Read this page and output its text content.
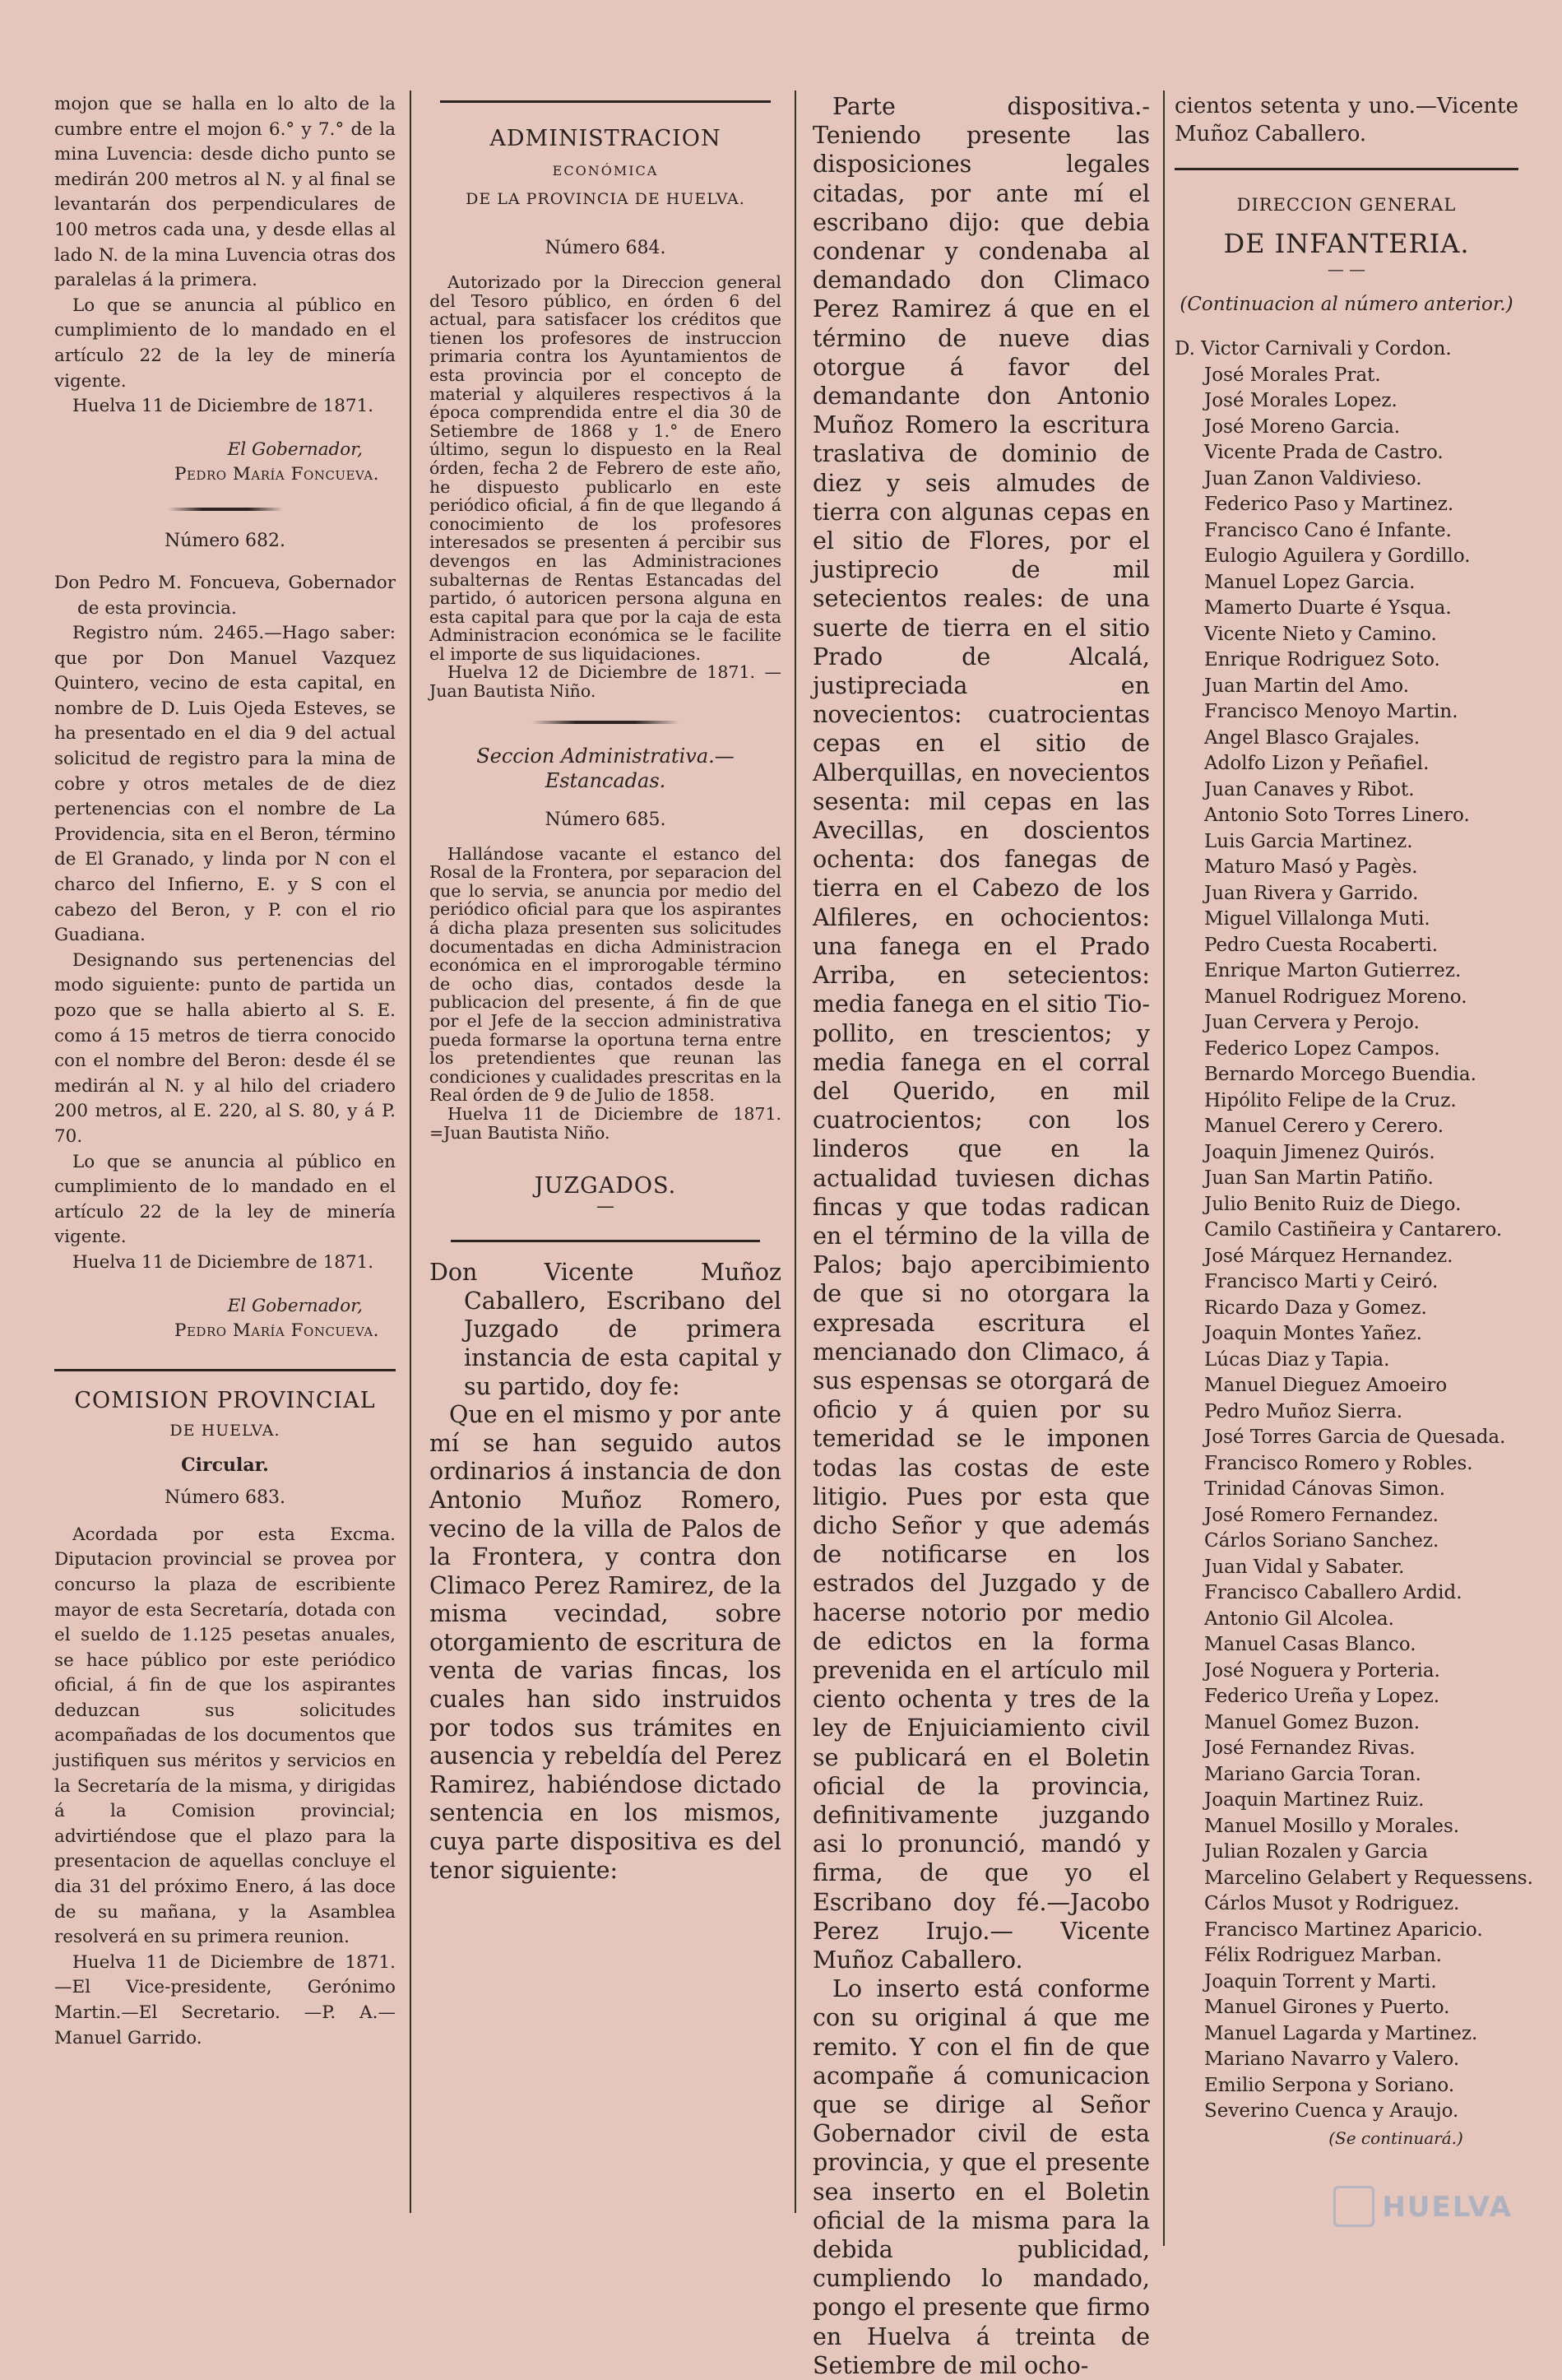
mojon que se halla en lo alto de la cumbre entre el mojon 6.° y 7.° de la mina Luvencia: desde dicho punto se medirán 200 metros al N. y al final se levantarán dos perpendiculares de 100 metros cada una, y desde ellas al lado N. de la mina Luvencia otras dos paralelas á la primera.

Lo que se anuncia al público en cumplimiento de lo mandado en el artículo 22 de la ley de minería vigente.

Huelva 11 de Diciembre de 1871.

El Gobernador,

Pedro María Foncueva.

Número 682.

Don Pedro M. Foncueva, Gobernador de esta provincia.

Registro núm. 2465.—Hago saber: que por Don Manuel Vazquez Quintero, vecino de esta capital, en nombre de D. Luis Ojeda Esteves, se ha presentado en el dia 9 del actual solicitud de registro para la mina de cobre y otros metales de de diez pertenencias con el nombre de La Providencia, sita en el Beron, término de El Granado, y linda por N con el charco del Infierno, E. y S con el cabezo del Beron, y P. con el rio Guadiana.

Designando sus pertenencias del modo siguiente: punto de partida un pozo que se halla abierto al S. E. como á 15 metros de tierra conocido con el nombre del Beron: desde él se medirán al N. y al hilo del criadero 200 metros, al E. 220, al S. 80, y á P. 70.

Lo que se anuncia al público en cumplimiento de lo mandado en el artículo 22 de la ley de minería vigente.

Huelva 11 de Diciembre de 1871.

El Gobernador,

Pedro María Foncueva.

COMISION PROVINCIAL

DE HUELVA.

Circular.

Número 683.

Acordada por esta Excma. Diputacion provincial se provea por concurso la plaza de escribiente mayor de esta Secretaría, dotada con el sueldo de 1.125 pesetas anuales, se hace público por este periódico oficial, á fin de que los aspirantes deduzcan sus solicitudes acompañadas de los documentos que justifiquen sus méritos y servicios en la Secretaría de la misma, y dirigidas á la Comision provincial; advirtiéndose que el plazo para la presentacion de aquellas concluye el dia 31 del próximo Enero, á las doce de su mañana, y la Asamblea resolverá en su primera reunion.

Huelva 11 de Diciembre de 1871. —El Vice-presidente, Gerónimo Martin.—El Secretario. —P. A.— Manuel Garrido.

ADMINISTRACION

ECONÓMICA

DE LA PROVINCIA DE HUELVA.

Número 684.

Autorizado por la Direccion general del Tesoro público, en órden 6 del actual, para satisfacer los créditos que tienen los profesores de instruccion primaria contra los Ayuntamientos de esta provincia por el concepto de material y alquileres respectivos á la época comprendida entre el dia 30 de Setiembre de 1868 y 1.° de Enero último, segun lo dispuesto en la Real órden, fecha 2 de Febrero de este año, he dispuesto publicarlo en este periódico oficial, á fin de que llegando á conocimiento de los profesores interesados se presenten á percibir sus devengos en las Administraciones subalternas de Rentas Estancadas del partido, ó autoricen persona alguna en esta capital para que por la caja de esta Administracion económica se le facilite el importe de sus liquidaciones.

Huelva 12 de Diciembre de 1871. —Juan Bautista Niño.

Seccion Administrativa.—Estancadas.

Número 685.

Hallándose vacante el estanco del Rosal de la Frontera, por separacion del que lo servia, se anuncia por medio del periódico oficial para que los aspirantes á dicha plaza presenten sus solicitudes documentadas en dicha Administracion económica en el improrogable término de ocho dias, contados desde la publicacion del presente, á fin de que por el Jefe de la seccion administrativa pueda formarse la oportuna terna entre los pretendientes que reunan las condiciones y cualidades prescritas en la Real órden de 9 de Julio de 1858.

Huelva 11 de Diciembre de 1871. =Juan Bautista Niño.

JUZGADOS.

—

Don Vicente Muñoz Caballero, Escribano del Juzgado de primera instancia de esta capital y su partido, doy fe:

Que en el mismo y por ante mí se han seguido autos ordinarios á instancia de don Antonio Muñoz Romero, vecino de la villa de Palos de la Frontera, y contra don Climaco Perez Ramirez, de la misma vecindad, sobre otorgamiento de escritura de venta de varias fincas, los cuales han sido instruidos por todos sus trámites en ausencia y rebeldía del Perez Ramirez, habiéndose dictado sentencia en los mismos, cuya parte dispositiva es del tenor siguiente:

Parte dispositiva.-Teniendo presente las disposiciones legales citadas, por ante mí el escribano dijo: que debia condenar y condenaba al demandado don Climaco Perez Ramirez á que en el término de nueve dias otorgue á favor del demandante don Antonio Muñoz Romero la escritura traslativa de dominio de diez y seis almudes de tierra con algunas cepas en el sitio de Flores, por el justiprecio de mil setecientos reales: de una suerte de tierra en el sitio Prado de Alcalá, justipreciada en novecientos: cuatrocientas cepas en el sitio de Alberquillas, en novecientos sesenta: mil cepas en las Avecillas, en doscientos ochenta: dos fanegas de tierra en el Cabezo de los Alfileres, en ochocientos: una fanega en el Prado Arriba, en setecientos: media fanega en el sitio Tio-pollito, en trescientos; y media fanega en el corral del Querido, en mil cuatrocientos; con los linderos que en la actualidad tuviesen dichas fincas y que todas radican en el término de la villa de Palos; bajo apercibimiento de que si no otorgara la expresada escritura el mencianado don Climaco, á sus espensas se otorgará de oficio y á quien por su temeridad se le imponen todas las costas de este litigio. Pues por esta que dicho Señor y que además de notificarse en los estrados del Juzgado y de hacerse notorio por medio de edictos en la forma prevenida en el artículo mil ciento ochenta y tres de la ley de Enjuiciamiento civil se publicará en el Boletin oficial de la provincia, definitivamente juzgando asi lo pronunció, mandó y firma, de que yo el Escribano doy fé.—Jacobo Perez Irujo.— Vicente Muñoz Caballero.

Lo inserto está conforme con su original á que me remito. Y con el fin de que acompañe á comunicacion que se dirige al Señor Gobernador civil de esta provincia, y que el presente sea inserto en el Boletin oficial de la misma para la debida publicidad, cumpliendo lo mandado, pongo el presente que firmo en Huelva á treinta de Setiembre de mil ocho-

cientos setenta y uno.—Vicente Muñoz Caballero.

DIRECCION GENERAL

DE INFANTERIA.

— —

(Continuacion al número anterior.)

D. Victor Carnivali y Cordon.

José Morales Prat.

José Morales Lopez.

José Moreno Garcia.

Vicente Prada de Castro.

Juan Zanon Valdivieso.

Federico Paso y Martinez.

Francisco Cano é Infante.

Eulogio Aguilera y Gordillo.

Manuel Lopez Garcia.

Mamerto Duarte é Ysqua.

Vicente Nieto y Camino.

Enrique Rodriguez Soto.

Juan Martin del Amo.

Francisco Menoyo Martin.

Angel Blasco Grajales.

Adolfo Lizon y Peñafiel.

Juan Canaves y Ribot.

Antonio Soto Torres Linero.

Luis Garcia Martinez.

Maturo Masó y Pagès.

Juan Rivera y Garrido.

Miguel Villalonga Muti.

Pedro Cuesta Rocaberti.

Enrique Marton Gutierrez.

Manuel Rodriguez Moreno.

Juan Cervera y Perojo.

Federico Lopez Campos.

Bernardo Morcego Buendia.

Hipólito Felipe de la Cruz.

Manuel Cerero y Cerero.

Joaquin Jimenez Quirós.

Juan San Martin Patiño.

Julio Benito Ruiz de Diego.

Camilo Castiñeira y Cantarero.

José Márquez Hernandez.

Francisco Marti y Ceiró.

Ricardo Daza y Gomez.

Joaquin Montes Yañez.

Lúcas Diaz y Tapia.

Manuel Dieguez Amoeiro

Pedro Muñoz Sierra.

José Torres Garcia de Quesada.

Francisco Romero y Robles.

Trinidad Cánovas Simon.

José Romero Fernandez.

Cárlos Soriano Sanchez.

Juan Vidal y Sabater.

Francisco Caballero Ardid.

Antonio Gil Alcolea.

Manuel Casas Blanco.

José Noguera y Porteria.

Federico Ureña y Lopez.

Manuel Gomez Buzon.

José Fernandez Rivas.

Mariano Garcia Toran.

Joaquin Martinez Ruiz.

Manuel Mosillo y Morales.

Julian Rozalen y Garcia

Marcelino Gelabert y Requessens.

Cárlos Musot y Rodriguez.

Francisco Martinez Aparicio.

Félix Rodriguez Marban.

Joaquin Torrent y Marti.

Manuel Girones y Puerto.

Manuel Lagarda y Martinez.

Mariano Navarro y Valero.

Emilio Serpona y Soriano.

Severino Cuenca y Araujo.

(Se continuará.)

HUELVA
